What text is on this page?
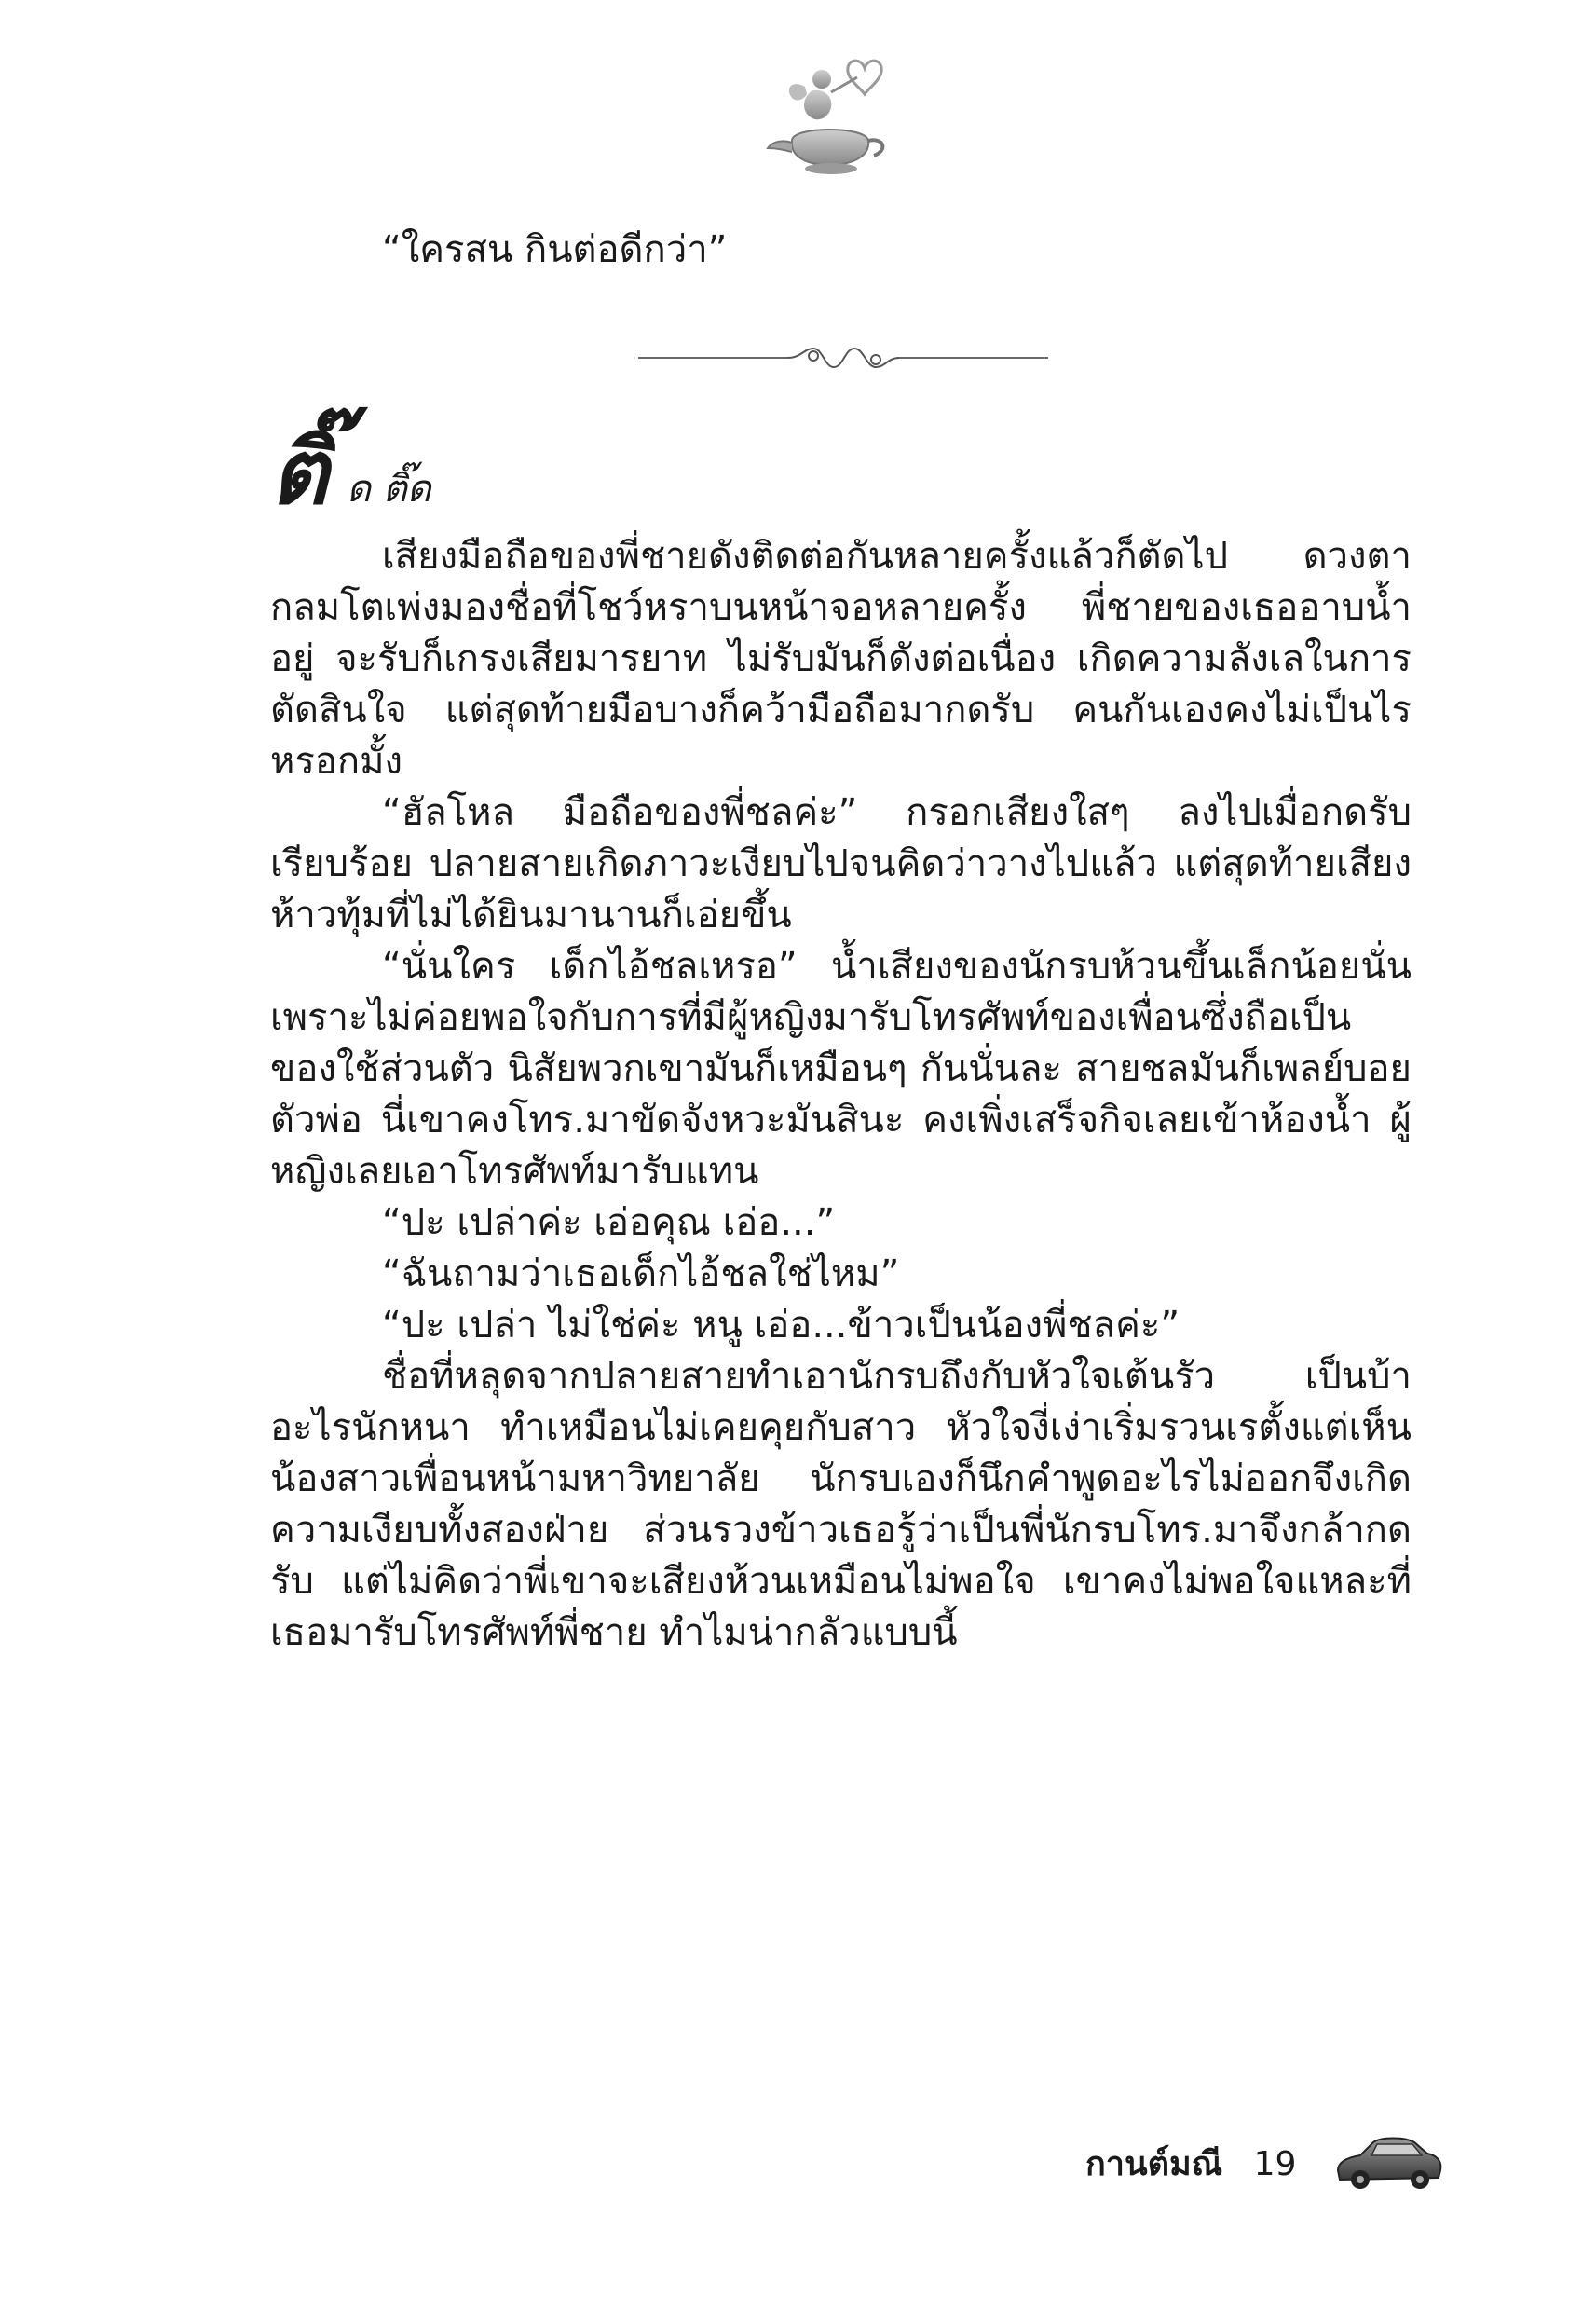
“ใครสน กินต่อดีกว่า”
ติ๊ ด ติ๊ด

เสียงมือถือของพี่ชายดังติดต่อกันหลายครั้งแล้วก็ตัดไป ดวงตากลมโตเพ่งมองชื่อที่โชว์หราบนหน้าจอหลายครั้ง พี่ชายของเธออาบน้ำอยู่ จะรับก็เกรงเสียมารยาท ไม่รับมันก็ดังต่อเนื่อง เกิดความลังเลในการตัดสินใจ แต่สุดท้ายมือบางก็คว้ามือถือมากดรับ คนกันเองคงไม่เป็นไรหรอกมั้ง

“ฮัลโหล มือถือของพี่ชลค่ะ” กรอกเสียงใสๆ ลงไปเมื่อกดรับเรียบร้อย ปลายสายเกิดภาวะเงียบไปจนคิดว่าวางไปแล้ว แต่สุดท้ายเสียงห้าวทุ้มที่ไม่ได้ยินมานานก็เอ่ยขึ้น

“นั่นใคร เด็กไอ้ชลเหรอ” น้ำเสียงของนักรบห้วนขึ้นเล็กน้อยนั่นเพราะไม่ค่อยพอใจกับการที่มีผู้หญิงมารับโทรศัพท์ของเพื่อนซึ่งถือเป็นของใช้ส่วนตัว นิสัยพวกเขามันก็เหมือนๆ กันนั่นละ สายชลมันก็เพลย์บอยตัวพ่อ นี่เขาคงโทร.มาขัดจังหวะมันสินะ คงเพิ่งเสร็จกิจเลยเข้าห้องน้ำ ผู้หญิงเลยเอาโทรศัพท์มารับแทน

“ปะ เปล่าค่ะ เอ่อคุณ เอ่อ...”

“ฉันถามว่าเธอเด็กไอ้ชลใช่ไหม”

“ปะ เปล่า ไม่ใช่ค่ะ หนู เอ่อ...ข้าวเป็นน้องพี่ชลค่ะ”

ชื่อที่หลุดจากปลายสายทำเอานักรบถึงกับหัวใจเต้นรัว เป็นบ้าอะไรนักหนา ทำเหมือนไม่เคยคุยกับสาว หัวใจงี่เง่าเริ่มรวนเรตั้งแต่เห็นน้องสาวเพื่อนหน้ามหาวิทยาลัย นักรบเองก็นึกคำพูดอะไรไม่ออกจึงเกิดความเงียบทั้งสองฝ่าย ส่วนรวงข้าวเธอรู้ว่าเป็นพี่นักรบโทร.มาจึงกล้ากดรับ แต่ไม่คิดว่าพี่เขาจะเสียงห้วนเหมือนไม่พอใจ เขาคงไม่พอใจแหละที่เธอมารับโทรศัพท์พี่ชาย ทำไมน่ากลัวแบบนี้

กานต์มณี 19
